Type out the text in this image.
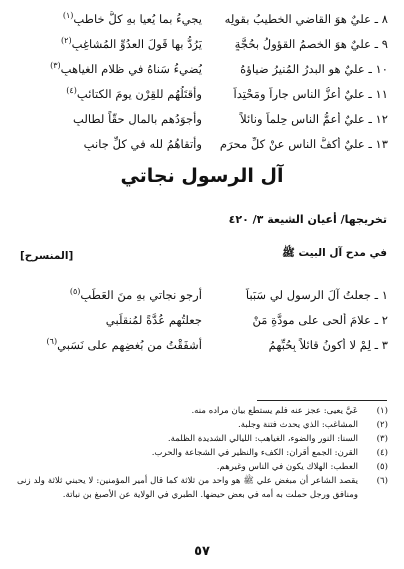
٨ ـ عليٌ هوَ القاضي الخطيبُ بقولِه
يجيءُ بما يُعيا بهِ كلُّ خاطبِ$^{(١)}$
٩ ـ عليٌ هوَ الخصمُ القؤولُ بحُجَّةٍ
يَرُدُّ بها قَولَ العدُوِّ المُشاغِبِ$^{(٢)}$
١٠ ـ عليٌ هو البدرُ المُنيرُ ضياؤهُ
يُضيءُ سَناهُ في ظلامِ الغياهبِ$^{(٣)}$
١١ ـ عليٌ أعزُّ الناسِ جاراً ومَحْتِداً
وأقتَلُهُم للقِرْنِ يومَ الكتائبِ$^{(٤)}$
١٢ ـ عليٌ أعمُّ الناسِ حِلماً ونائلاً
وأجوَدُهم بالمالِ حقّاً لطالبِ
١٣ ـ عليٌ أكفُّ الناسِ عنْ كلِّ محرَمٍ
وأتقاهُمُ لله في كلِّ جانبِ
آل الرسول نجاتي
تخريجها/ أعيان الشيعة ٣/ ٤٢٠
في مدح آل البيت ﷺ
[المنسرح]
١ ـ جعلتُ آلَ الرسولِ لي سَبَباً
أرجو نجاتي بهِ منَ العَطَبِ$^{(٥)}$
٢ ـ علامَ ألحى على مودَّةِ مَنْ
جعلتُهم عُدَّةً لمُنقلَبي
٣ ـ لِمْ لا أكونُ قائلاً بِحُبِّهِمُ
أشفَقْتُ من بُغضِهِم على نَسَبي$^{(٦)}$
(١)
عَيَّ يعيى: عجز عنه فلم يستطع بيان مراده منه.
(٢)
المشاغب: الذي يحدث فتنة وجلبة.
(٣)
السنا: النور والضوء، الغياهب: الليالي الشديدة الظلمة.
(٤)
القرن: الجمع أقران: الكفء والنظير في الشجاعة والحرب.
(٥)
العطب: الهلاك يكون في الناس وغيرهم.
(٦)
يقصد الشاعر أن مبغض علي ﷺ هو واحد من ثلاثة كما قال أمير المؤمنين: لا يحبني ثلاثة ولد زنى ومنافق ورجل حملت به أمه في بعض حيضها. الطبري في الولاية عن الأصبغ بن نباتة.
٥٧
